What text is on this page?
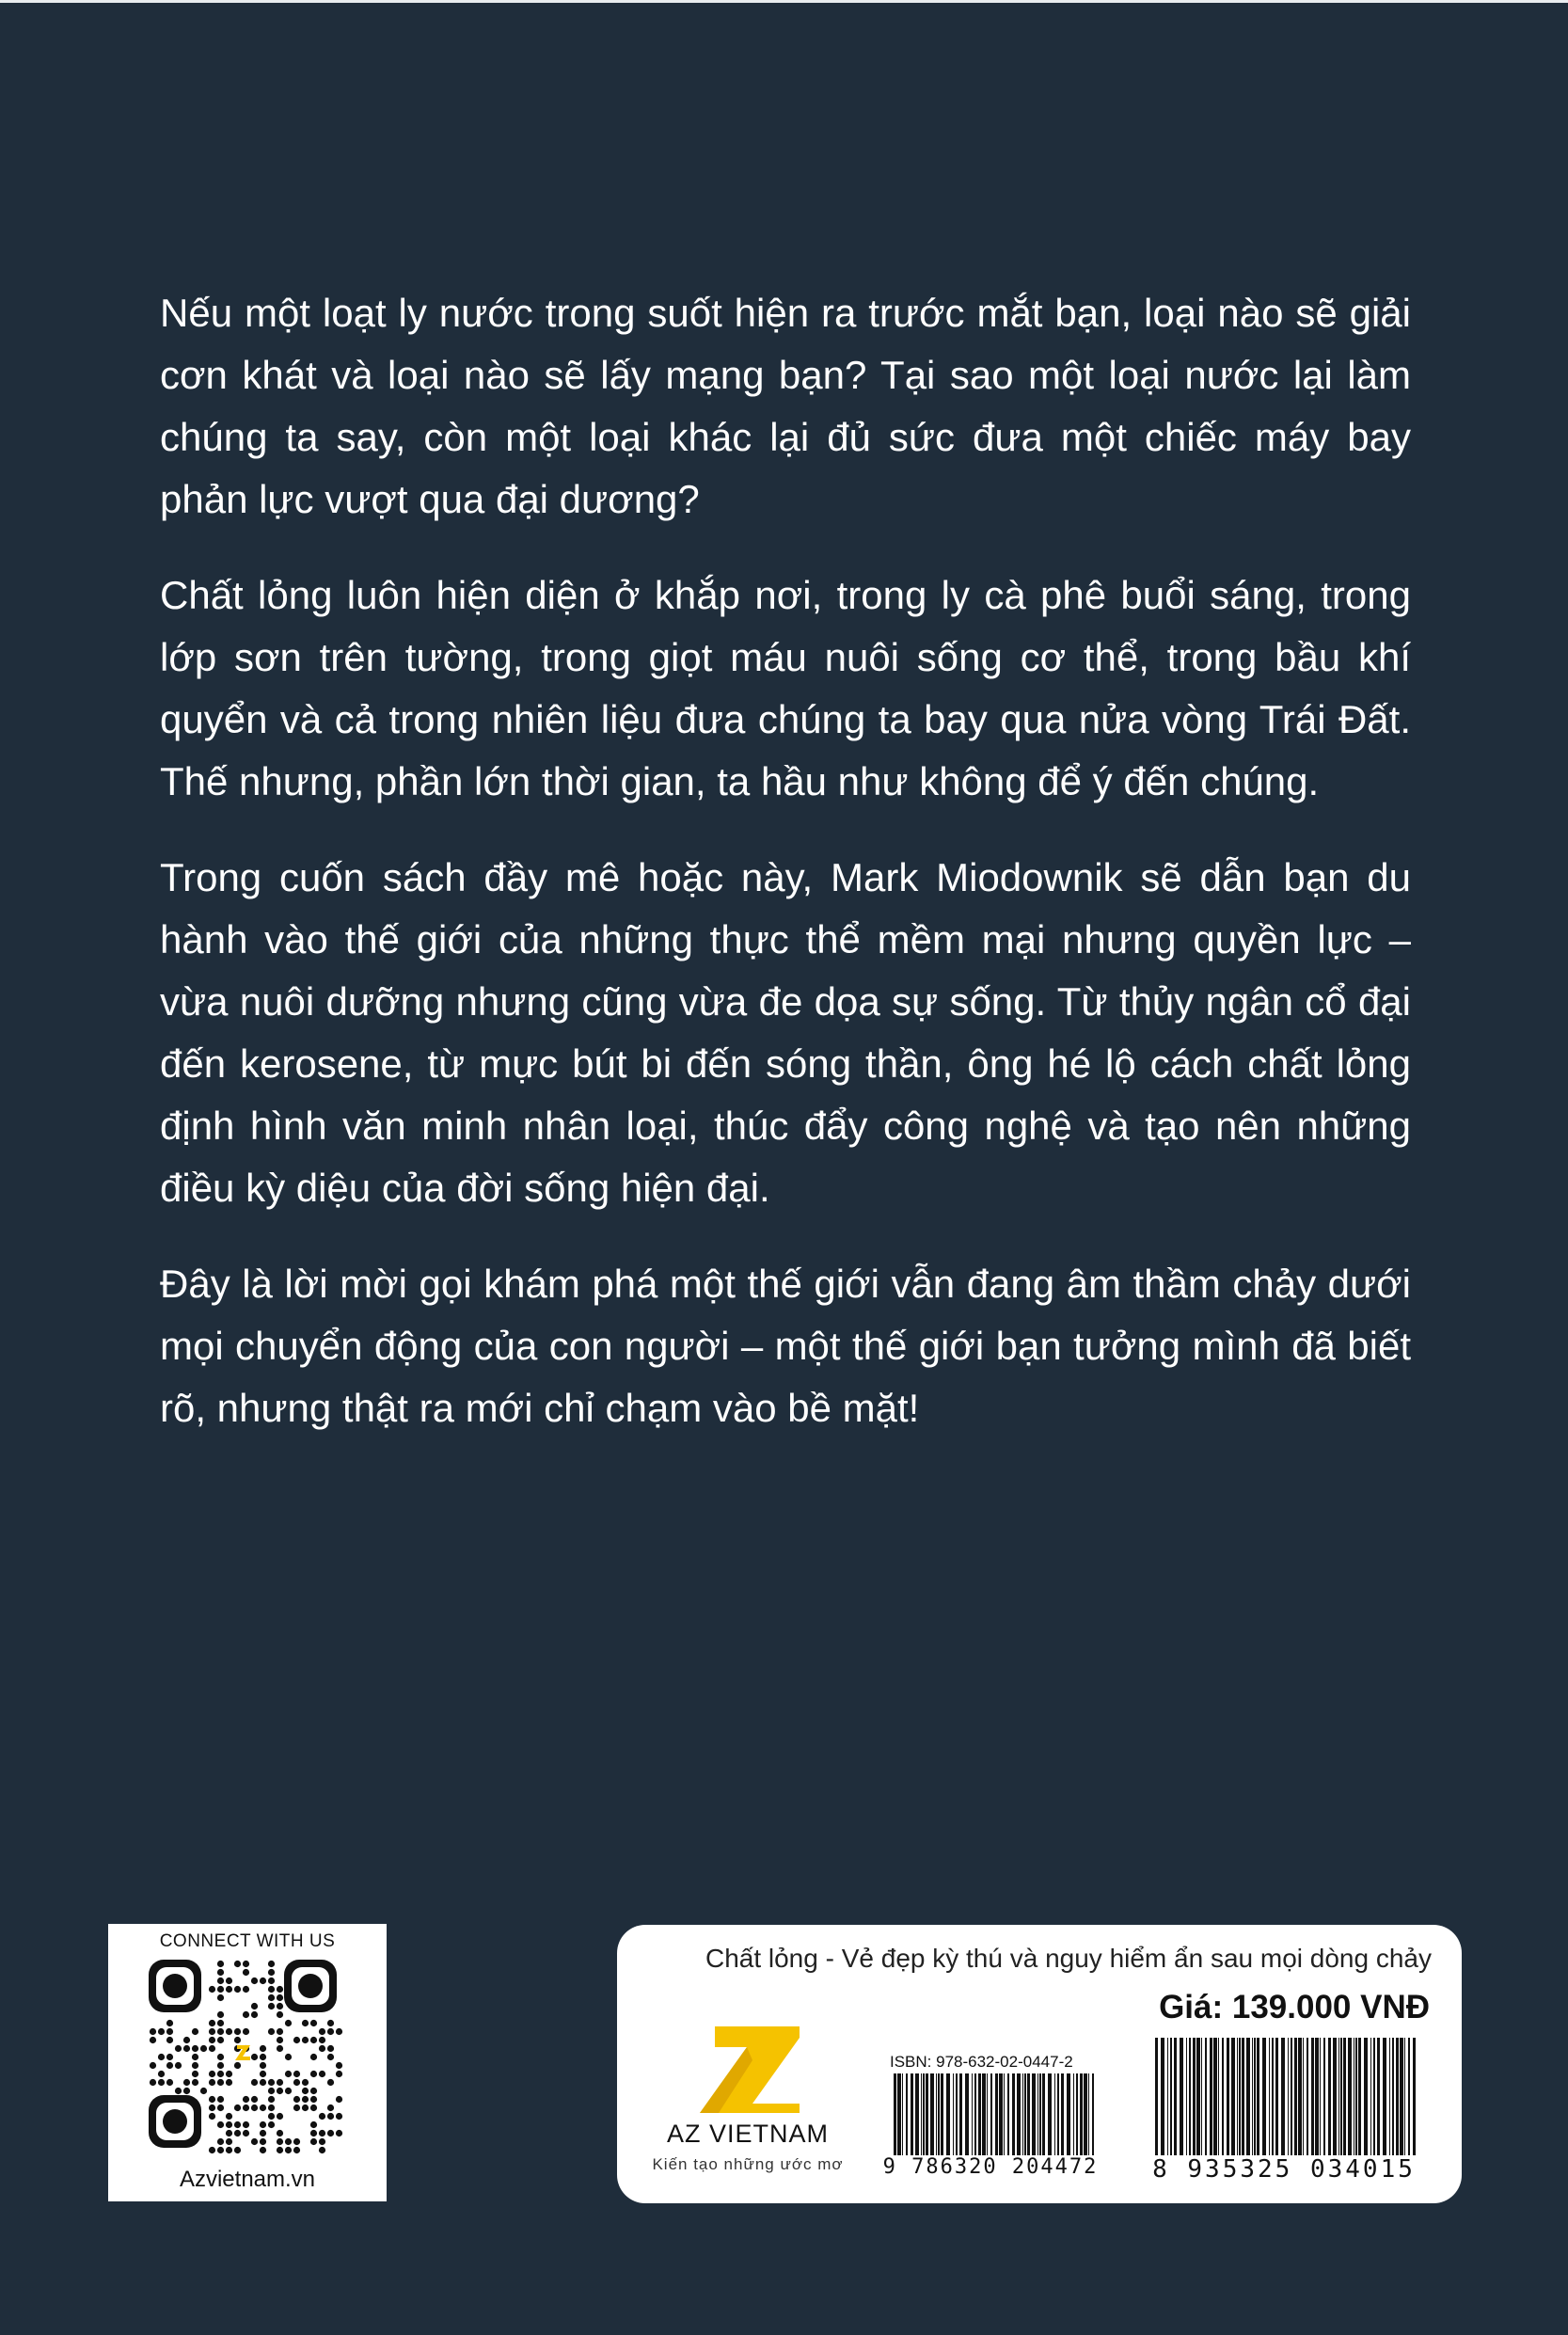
Nếu một loạt ly nước trong suốt hiện ra trước mắt bạn, loại nào sẽ giải cơn khát và loại nào sẽ lấy mạng bạn? Tại sao một loại nước lại làm chúng ta say, còn một loại khác lại đủ sức đưa một chiếc máy bay phản lực vượt qua đại dương?

Chất lỏng luôn hiện diện ở khắp nơi, trong ly cà phê buổi sáng, trong lớp sơn trên tường, trong giọt máu nuôi sống cơ thể, trong bầu khí quyển và cả trong nhiên liệu đưa chúng ta bay qua nửa vòng Trái Đất. Thế nhưng, phần lớn thời gian, ta hầu như không để ý đến chúng.

Trong cuốn sách đầy mê hoặc này, Mark Miodownik sẽ dẫn bạn du hành vào thế giới của những thực thể mềm mại nhưng quyền lực – vừa nuôi dưỡng nhưng cũng vừa đe dọa sự sống. Từ thủy ngân cổ đại đến kerosene, từ mực bút bi đến sóng thần, ông hé lộ cách chất lỏng định hình văn minh nhân loại, thúc đẩy công nghệ và tạo nên những điều kỳ diệu của đời sống hiện đại.

Đây là lời mời gọi khám phá một thế giới vẫn đang âm thầm chảy dưới mọi chuyển động của con người – một thế giới bạn tưởng mình đã biết rõ, nhưng thật ra mới chỉ chạm vào bề mặt!

CONNECT WITH US
Azvietnam.vn
Chất lỏng - Vẻ đẹp kỳ thú và nguy hiểm ẩn sau mọi dòng chảy
Giá: 139.000 VNĐ
AZ VIETNAM
Kiến tạo những ước mơ
ISBN: 978-632-02-0447-2
9 786320 204472	8 935325 034015
